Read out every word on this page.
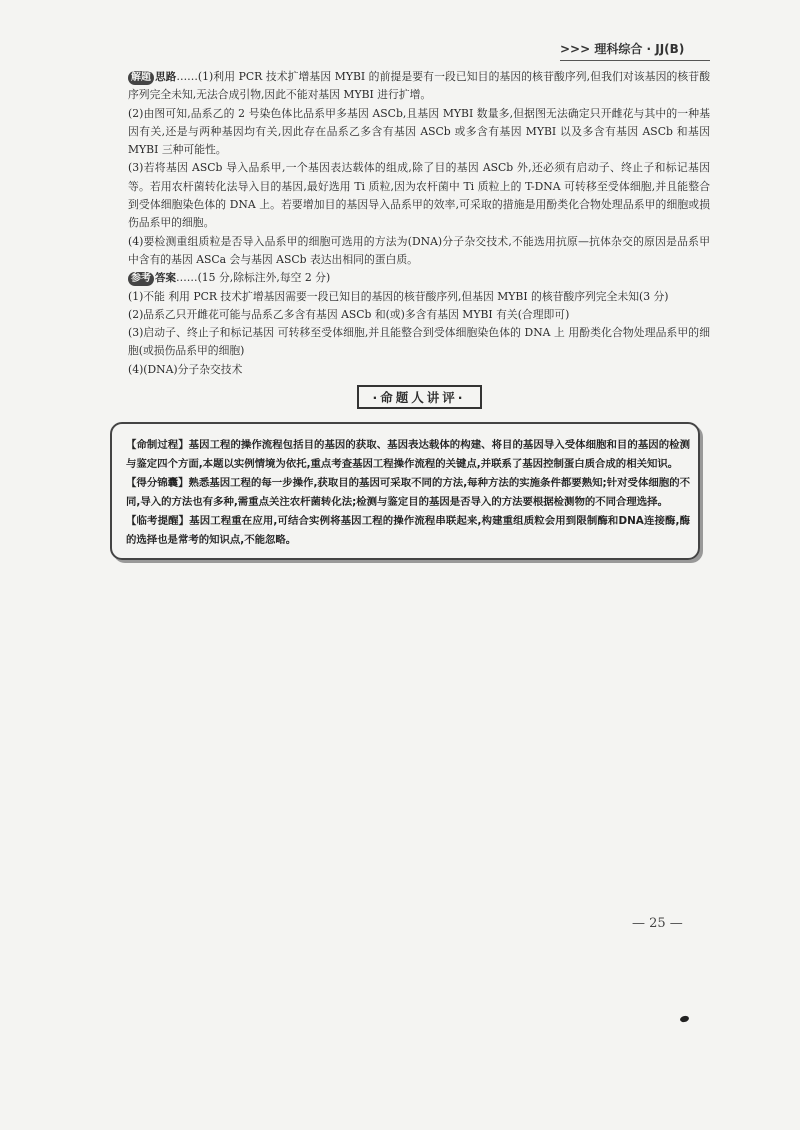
>>> 理科综合 · JJ(B)

解题 思路……(1)利用 PCR 技术扩增基因 MYBI 的前提是要有一段已知目的基因的核苷酸序列,但我们对该基因的核苷酸序列完全未知,无法合成引物,因此不能对基因 MYBI 进行扩增。

(2)由图可知,品系乙的 2 号染色体比品系甲多基因 ASCb,且基因 MYBI 数量多,但据图无法确定只开雌花与其中的一种基因有关,还是与两种基因均有关,因此存在品系乙多含有基因 ASCb 或多含有基因 MYBI 以及多含有基因 ASCb 和基因 MYBI 三种可能性。

(3)若将基因 ASCb 导入品系甲,一个基因表达载体的组成,除了目的基因 ASCb 外,还必须有启动子、终止子和标记基因等。若用农杆菌转化法导入目的基因,最好选用 Ti 质粒,因为农杆菌中 Ti 质粒上的 T-DNA 可转移至受体细胞,并且能整合到受体细胞染色体的 DNA 上。若要增加目的基因导入品系甲的效率,可采取的措施是用酚类化合物处理品系甲的细胞或损伤品系甲的细胞。

(4)要检测重组质粒是否导入品系甲的细胞可选用的方法为(DNA)分子杂交技术,不能选用抗原—抗体杂交的原因是品系甲中含有的基因 ASCa 会与基因 ASCb 表达出相同的蛋白质。

参考 答案……(15 分,除标注外,每空 2 分)

(1)不能 利用 PCR 技术扩增基因需要一段已知目的基因的核苷酸序列,但基因 MYBI 的核苷酸序列完全未知(3 分)

(2)品系乙只开雌花可能与品系乙多含有基因 ASCb 和(或)多含有基因 MYBI 有关(合理即可)

(3)启动子、终止子和标记基因 可转移至受体细胞,并且能整合到受体细胞染色体的 DNA 上 用酚类化合物处理品系甲的细胞(或损伤品系甲的细胞)

(4)(DNA)分子杂交技术

·命题人讲评·

【命制过程】基因工程的操作流程包括目的基因的获取、基因表达载体的构建、将目的基因导入受体细胞和目的基因的检测与鉴定四个方面,本题以实例情境为依托,重点考查基因工程操作流程的关键点,并联系了基因控制蛋白质合成的相关知识。

【得分锦囊】熟悉基因工程的每一步操作,获取目的基因可采取不同的方法,每种方法的实施条件都要熟知;针对受体细胞的不同,导入的方法也有多种,需重点关注农杆菌转化法;检测与鉴定目的基因是否导入的方法要根据检测物的不同合理选择。

【临考提醒】基因工程重在应用,可结合实例将基因工程的操作流程串联起来,构建重组质粒会用到限制酶和DNA连接酶,酶的选择也是常考的知识点,不能忽略。

— 25 —
